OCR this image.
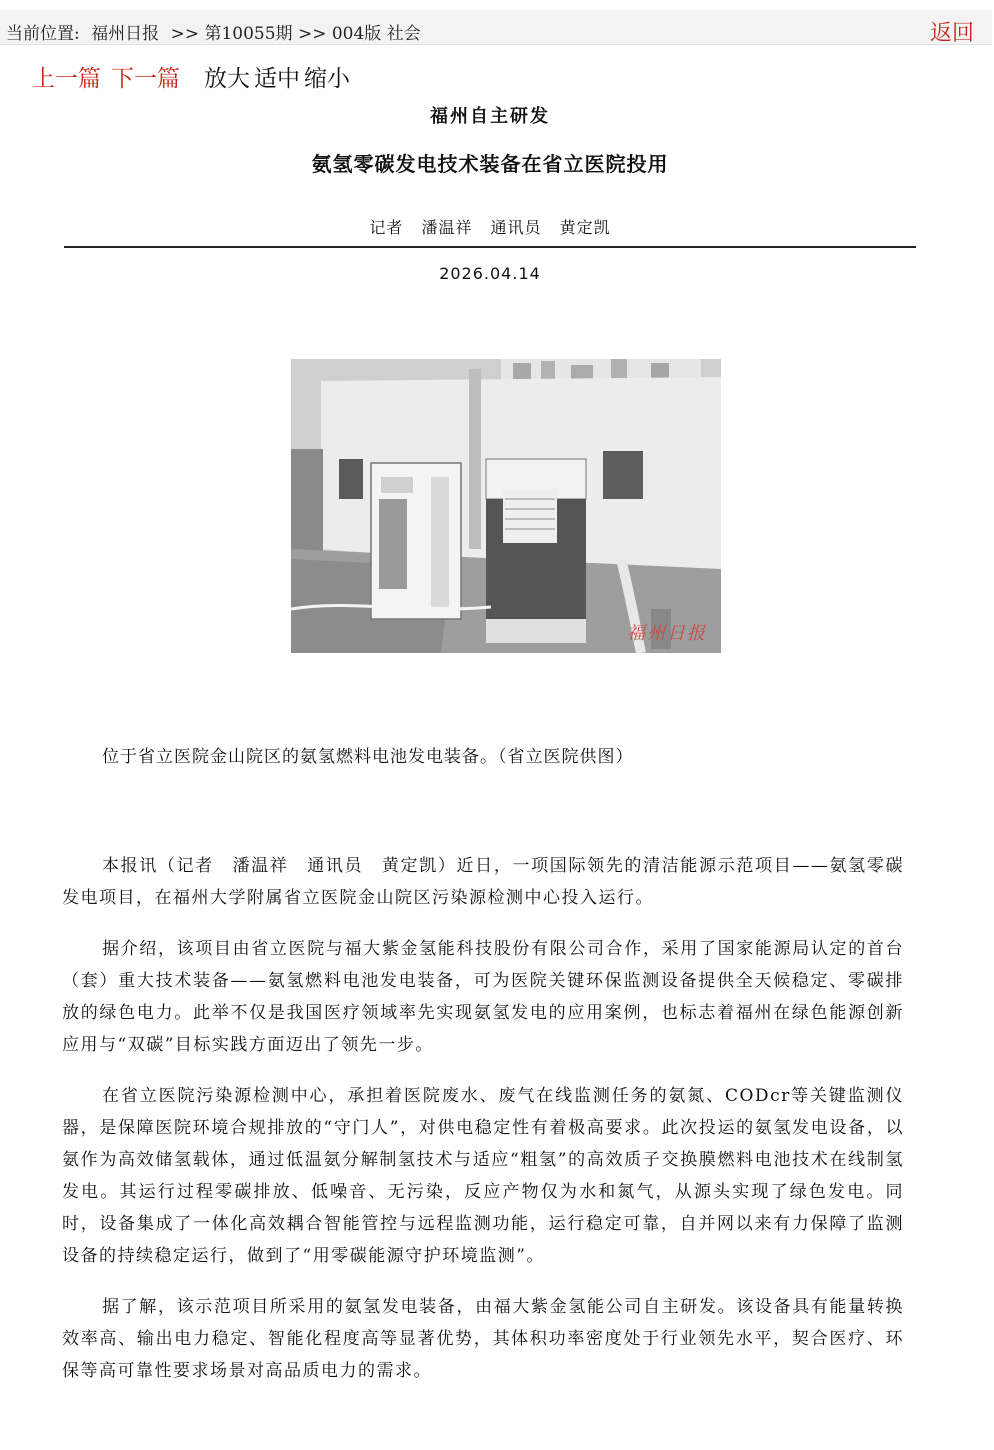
当前位置: 福州日报 >> 第10055期 >> 004版 社会	返回
上一篇 下一篇 放大 适中 缩小
福州自主研发
氨氢零碳发电技术装备在省立医院投用
记者 潘温祥 通讯员 黄定凯
2026.04.14
福州日报
位于省立医院金山院区的氨氢燃料电池发电装备。（省立医院供图）

本报讯（记者　潘温祥　通讯员　黄定凯）近日，一项国际领先的清洁能源示范项目——氨氢零碳发电项目，在福州大学附属省立医院金山院区污染源检测中心投入运行。

据介绍，该项目由省立医院与福大紫金氢能科技股份有限公司合作，采用了国家能源局认定的首台（套）重大技术装备——氨氢燃料电池发电装备，可为医院关键环保监测设备提供全天候稳定、零碳排放的绿色电力。此举不仅是我国医疗领域率先实现氨氢发电的应用案例，也标志着福州在绿色能源创新应用与“双碳”目标实践方面迈出了领先一步。

在省立医院污染源检测中心，承担着医院废水、废气在线监测任务的氨氮、CODcr等关键监测仪器，是保障医院环境合规排放的“守门人”，对供电稳定性有着极高要求。此次投运的氨氢发电设备，以氨作为高效储氢载体，通过低温氨分解制氢技术与适应“粗氢”的高效质子交换膜燃料电池技术在线制氢发电。其运行过程零碳排放、低噪音、无污染，反应产物仅为水和氮气，从源头实现了绿色发电。同时，设备集成了一体化高效耦合智能管控与远程监测功能，运行稳定可靠，自并网以来有力保障了监测设备的持续稳定运行，做到了“用零碳能源守护环境监测”。

据了解，该示范项目所采用的氨氢发电装备，由福大紫金氢能公司自主研发。该设备具有能量转换效率高、输出电力稳定、智能化程度高等显著优势，其体积功率密度处于行业领先水平，契合医疗、环保等高可靠性要求场景对高品质电力的需求。
